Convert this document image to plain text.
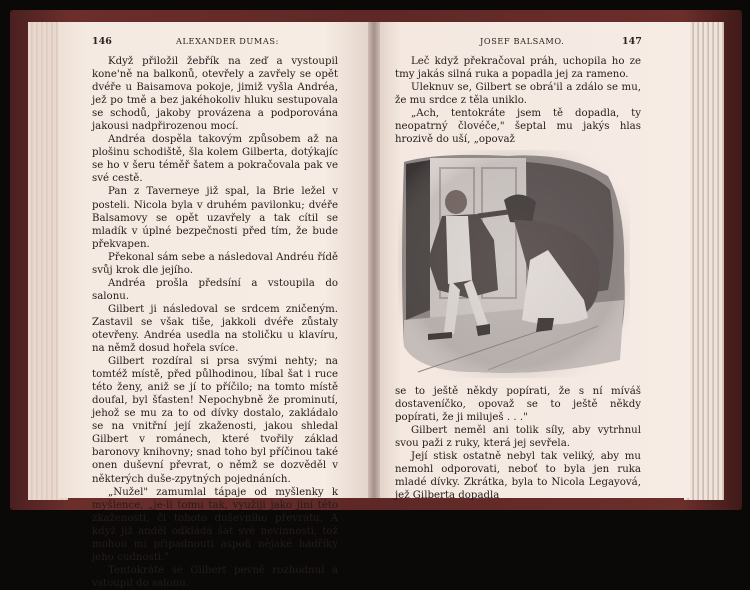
146	ALEXANDER DUMAS:

Když přiložil žebřík na zeď a vystoupil kone'ně na balkonů, otevřely a zavřely se opět dvéře u Baisamova pokoje, jimiž vyšla Andréa, jež po tmě a bez jakéhokoliv hluku sestupovala se schodů, jakoby provázena a podporována jakousi nadpřirozenou mocí.

Andréa dospěla takovým způsobem až na plošinu schodiště, šla kolem Gilberta, dotýkajíc se ho v šeru téměř šatem a pokračovala pak ve své cestě.

Pan z Taverneye již spal, la Brie ležel v posteli. Nicola byla v druhém pavilonku; dvéře Balsamovy se opět uzavřely a tak cítil se mladík v úplné bezpečnosti před tím, že bude překvapen.

Překonal sám sebe a následoval Andréu řídě svůj krok dle jejího.

Andréa prošla předsíní a vstoupila do salonu.

Gilbert ji následoval se srdcem zničeným. Zastavil se však tiše, jakkoli dvéře zůstaly otevřeny. Andréa usedla na stoličku u klavíru, na němž dosud hořela svíce.

Gilbert rozdíral si prsa svými nehty; na tomtéž místě, před půlhodinou, líbal šat i ruce této ženy, aniž se jí to příčilo; na tomto místě doufal, byl šťasten! Nepochybně že prominutí, jehož se mu za to od dívky dostalo, zakládalo se na vnitřní její zkaženosti, jakou shledal Gilbert v románech, které tvořily základ baronovy knihovny; snad toho byl příčinou také onen duševní převrat, o němž se dozvěděl v některých duše-zpytných pojednáních.

„Nužel" zamumlal tápaje od myšlenky k myšlence, „je-li tomu tak, využiji jako jiní této zkaženosti, či tohoto duševního převratu. A když již anděl odkládá šat své nevinnosti, tož mohou mi připadnouti aspoň nějaké hadříky jeho cudnosti."

Tentokráte se Gilbert pevně rozhodnul a vstoupil do salonu.

JOSEF BALSAMO.	147

Leč když překračoval práh, uchopila ho ze tmy jakás silná ruka a popadla jej za rameno.

Uleknuv se, Gilbert se obrá'il a zdálo se mu, že mu srdce z těla uniklo.

„Ach, tentokráte jsem tě dopadla, ty neopatrný človéče," šeptal mu jakýs hlas hrozivě do uší, „opovaž

se to ještě někdy popírati, že s ní míváš dostaveníčko, opovaž se to ještě někdy popírati, že ji miluješ . . ."

Gilbert neměl ani tolik síly, aby vytrhnul svou paži z ruky, která jej sevřela.

Její stisk ostatně nebyl tak veliký, aby mu nemohl odporovati, neboť to byla jen ruka mladé dívky. Zkrátka, byla to Nicola Legayová, jež Gilberta dopadla
